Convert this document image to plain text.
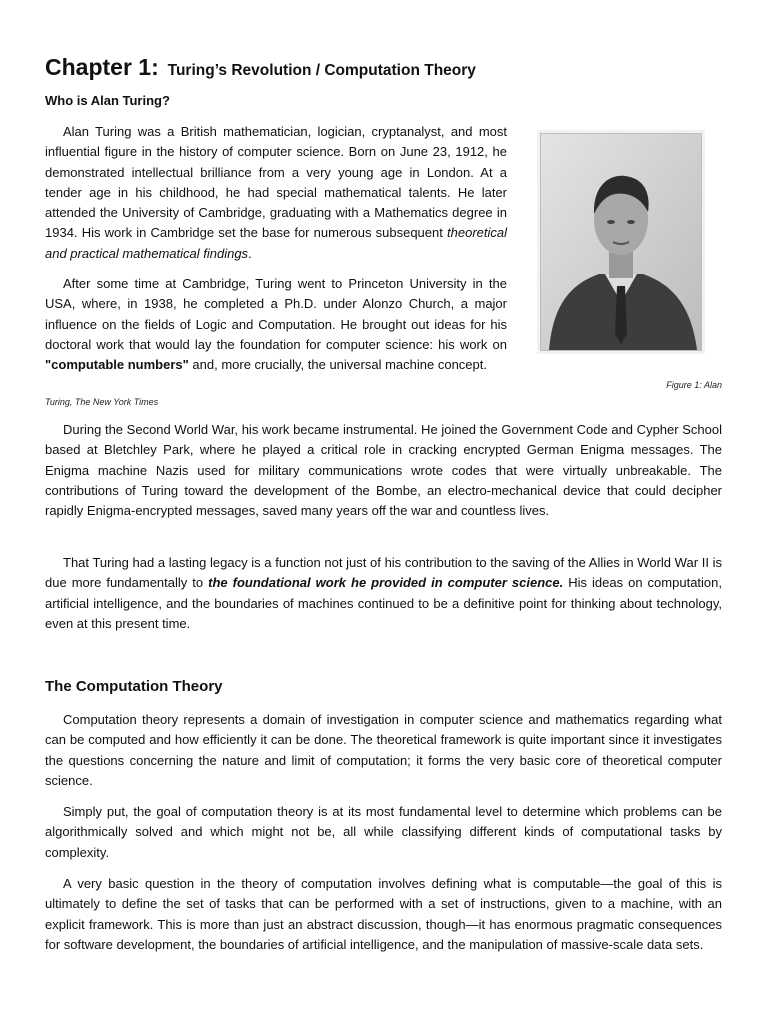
Chapter 1: Turing’s Revolution / Computation Theory
Who is Alan Turing?

Alan Turing was a British mathematician, logician, cryptanalyst, and most influential figure in the history of computer science. Born on June 23, 1912, he demonstrated intellectual brilliance from a very young age in London. At a tender age in his childhood, he had special mathematical talents. He later attended the University of Cambridge, graduating with a Mathematics degree in 1934. His work in Cambridge set the base for numerous subsequent theoretical and practical mathematical findings.

After some time at Cambridge, Turing went to Princeton University in the USA, where, in 1938, he completed a Ph.D. under Alonzo Church, a major influence on the fields of Logic and Computation. He brought out ideas for his doctoral work that would lay the foundation for computer science: his work on "computable numbers" and, more crucially, the universal machine concept.

Figure 1: Alan
Turing, The New York Times

During the Second World War, his work became instrumental. He joined the Government Code and Cypher School based at Bletchley Park, where he played a critical role in cracking encrypted German Enigma messages. The Enigma machine Nazis used for military communications wrote codes that were virtually unbreakable. The contributions of Turing toward the development of the Bombe, an electro-mechanical device that could decipher rapidly Enigma-encrypted messages, saved many years off the war and countless lives.

That Turing had a lasting legacy is a function not just of his contribution to the saving of the Allies in World War II is due more fundamentally to the foundational work he provided in computer science. His ideas on computation, artificial intelligence, and the boundaries of machines continued to be a definitive point for thinking about technology, even at this present time.

The Computation Theory

Computation theory represents a domain of investigation in computer science and mathematics regarding what can be computed and how efficiently it can be done. The theoretical framework is quite important since it investigates the questions concerning the nature and limit of computation; it forms the very basic core of theoretical computer science.

Simply put, the goal of computation theory is at its most fundamental level to determine which problems can be algorithmically solved and which might not be, all while classifying different kinds of computational tasks by complexity.

A very basic question in the theory of computation involves defining what is computable—the goal of this is ultimately to define the set of tasks that can be performed with a set of instructions, given to a machine, with an explicit framework. This is more than just an abstract discussion, though—it has enormous pragmatic consequences for software development, the boundaries of artificial intelligence, and the manipulation of massive-scale data sets.
